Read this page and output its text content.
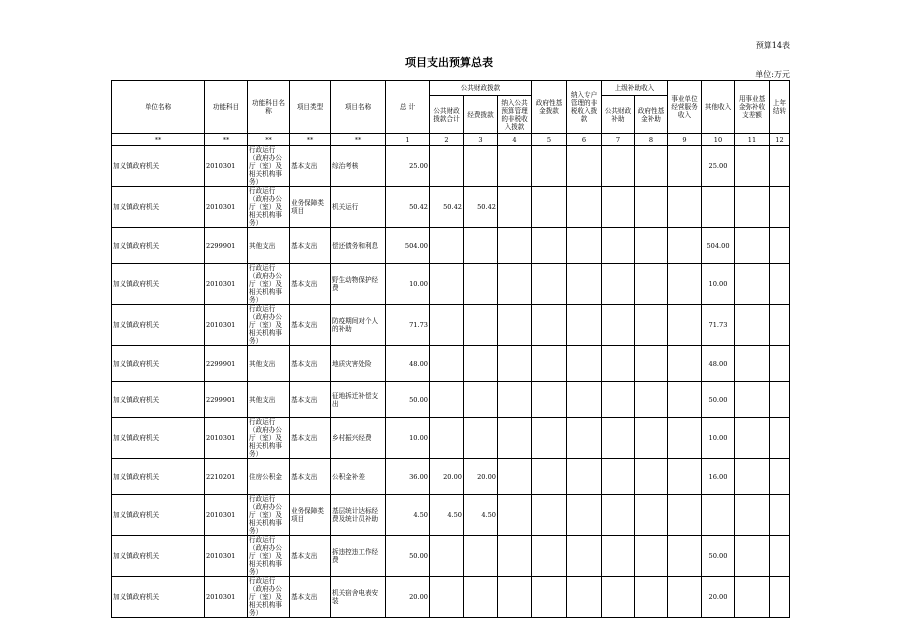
预算14表
项目支出预算总表
单位:万元
单位名称	功能科目	功能科目名称	项目类型	项目名称	总 计	公共财政拨款			政府性基金拨款	纳入专户管理的非税收入拨款	上级补助收入		事业单位经营服务收入	其他收入	用事业基金弥补收支差额	上年结转
						公共财政拨款合计	经费拨款	纳入公共预算管理的非税收入拨款			公共财政补助	政府性基金补助				
**	**	**	**	**	1	2	3	4	5	6	7	8	9	10	11	12
加义镇政府机关	2010301	行政运行（政府办公厅（室）及相关机构事务）	基本支出	综治考核	25.00									25.00		
加义镇政府机关	2010301	行政运行（政府办公厅（室）及相关机构事务）	业务保障类项目	机关运行	50.42	50.42	50.42									
加义镇政府机关	2299901	其他支出	基本支出	偿还债务和利息	504.00									504.00		
加义镇政府机关	2010301	行政运行（政府办公厅（室）及相关机构事务）	基本支出	野生动物保护经费	10.00									10.00		
加义镇政府机关	2010301	行政运行（政府办公厅（室）及相关机构事务）	基本支出	防疫期间对个人的补助	71.73									71.73		
加义镇政府机关	2299901	其他支出	基本支出	地质灾害处险	48.00									48.00		
加义镇政府机关	2299901	其他支出	基本支出	征地拆迁补偿支出	50.00									50.00		
加义镇政府机关	2010301	行政运行（政府办公厅（室）及相关机构事务）	基本支出	乡村振兴经费	10.00									10.00		
加义镇政府机关	2210201	住房公积金	基本支出	公积金补差	36.00	20.00	20.00							16.00		
加义镇政府机关	2010301	行政运行（政府办公厅（室）及相关机构事务）	业务保障类项目	基层统计达标经费及统计员补助	4.50	4.50	4.50									
加义镇政府机关	2010301	行政运行（政府办公厅（室）及相关机构事务）	基本支出	拆违控违工作经费	50.00									50.00		
加义镇政府机关	2010301	行政运行（政府办公厅（室）及相关机构事务）	基本支出	机关宿舍电表安装	20.00									20.00		
